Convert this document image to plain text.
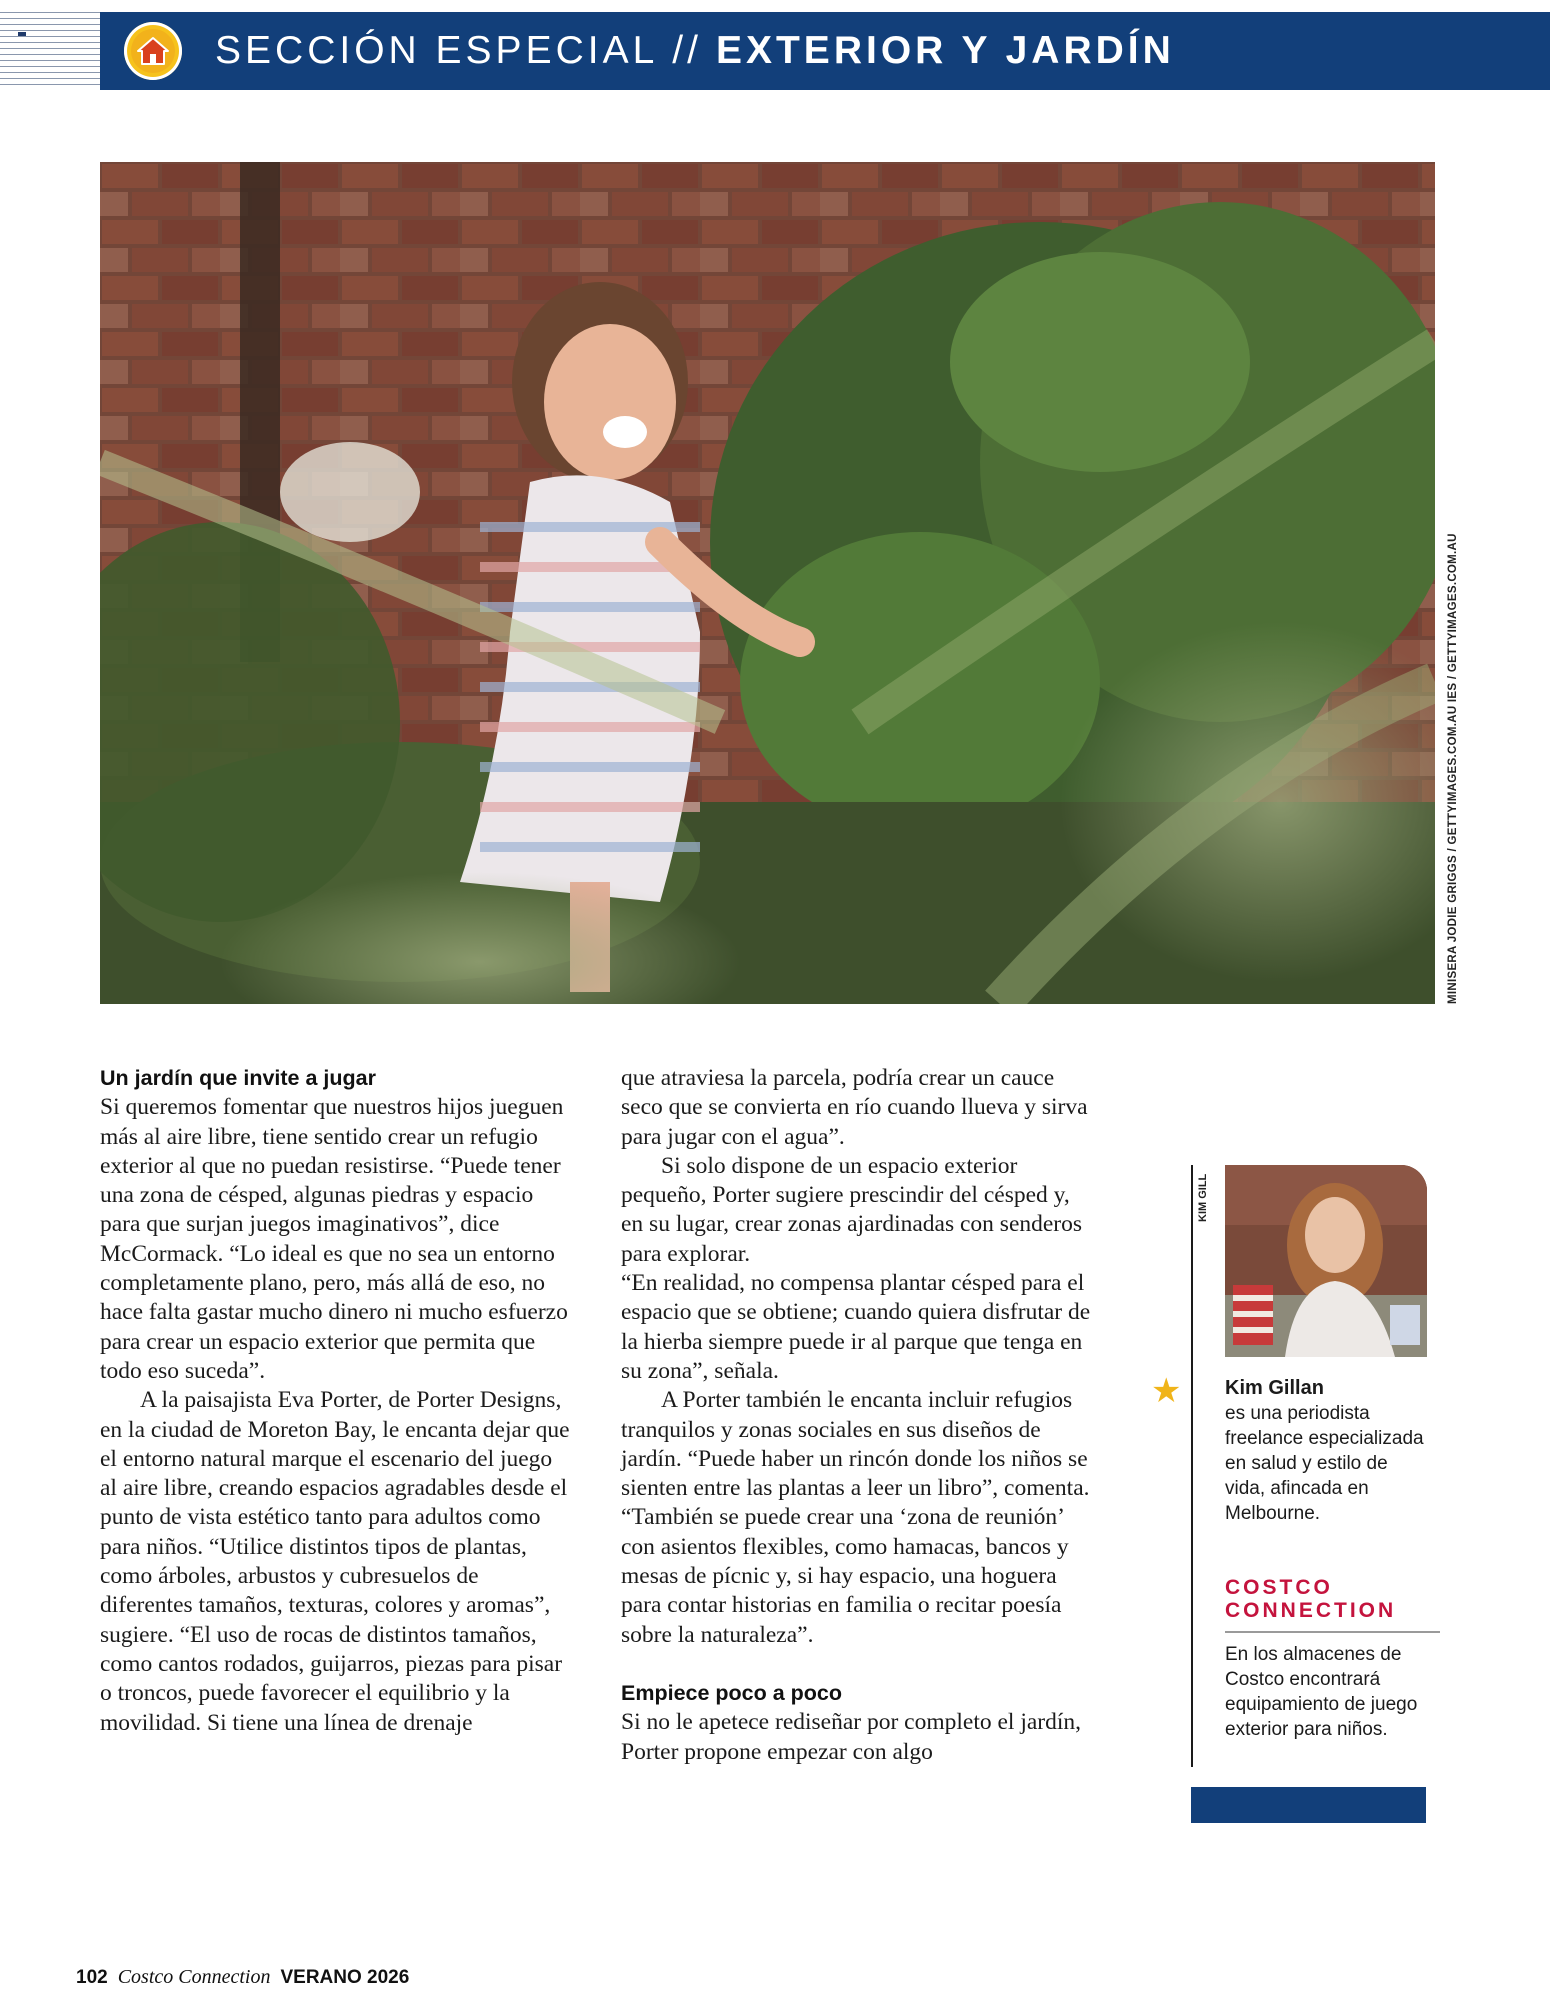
SECCIÓN ESPECIAL // EXTERIOR Y JARDÍN
MINISERA JODIE GRIGGS / GETTYIMAGES.COM.AU IES / GETTYIMAGES.COM.AU
Un jardín que invite a jugar

Si queremos fomentar que nuestros hijos jueguen más al aire libre, tiene sentido crear un refugio exterior al que no puedan resistirse. “Puede tener una zona de césped, algunas piedras y espacio para que surjan juegos imaginativos”, dice McCormack. “Lo ideal es que no sea un entorno completamente plano, pero, más allá de eso, no hace falta gastar mucho dinero ni mucho esfuerzo para crear un espacio exterior que permita que todo eso suceda”.

A la paisajista Eva Porter, de Porter Designs, en la ciudad de Moreton Bay, le encanta dejar que el entorno natural marque el escenario del juego al aire libre, creando espacios agradables desde el punto de vista estético tanto para adultos como para niños. “Utilice distintos tipos de plantas, como árboles, arbustos y cubresuelos de diferentes tamaños, texturas, colores y aromas”, sugiere. “El uso de rocas de distintos tamaños, como cantos rodados, guijarros, piezas para pisar o troncos, puede favorecer el equilibrio y la movilidad. Si tiene una línea de drenaje

que atraviesa la parcela, podría crear un cauce seco que se convierta en río cuando llueva y sirva para jugar con el agua”.

Si solo dispone de un espacio exterior pequeño, Porter sugiere prescindir del césped y, en su lugar, crear zonas ajardinadas con senderos para explorar.

“En realidad, no compensa plantar césped para el espacio que se obtiene; cuando quiera disfrutar de la hierba siempre puede ir al parque que tenga en su zona”, señala.

A Porter también le encanta incluir refugios tranquilos y zonas sociales en sus diseños de jardín. “Puede haber un rincón donde los niños se sienten entre las plantas a leer un libro”, comenta. “También se puede crear una ‘zona de reunión’ con asientos flexibles, como hamacas, bancos y mesas de pícnic y, si hay espacio, una hoguera para contar historias en familia o recitar poesía sobre la naturaleza”.

Empiece poco a poco

Si no le apetece rediseñar por completo el jardín, Porter propone empezar con algo

KIM GILL
★ Kim Gillan
es una periodista freelance especializada en salud y estilo de vida, afincada en Melbourne.
COSTCO
CONNECTION
En los almacenes de Costco encontrará equipamiento de juego exterior para niños.
102 Costco Connection VERANO 2026
